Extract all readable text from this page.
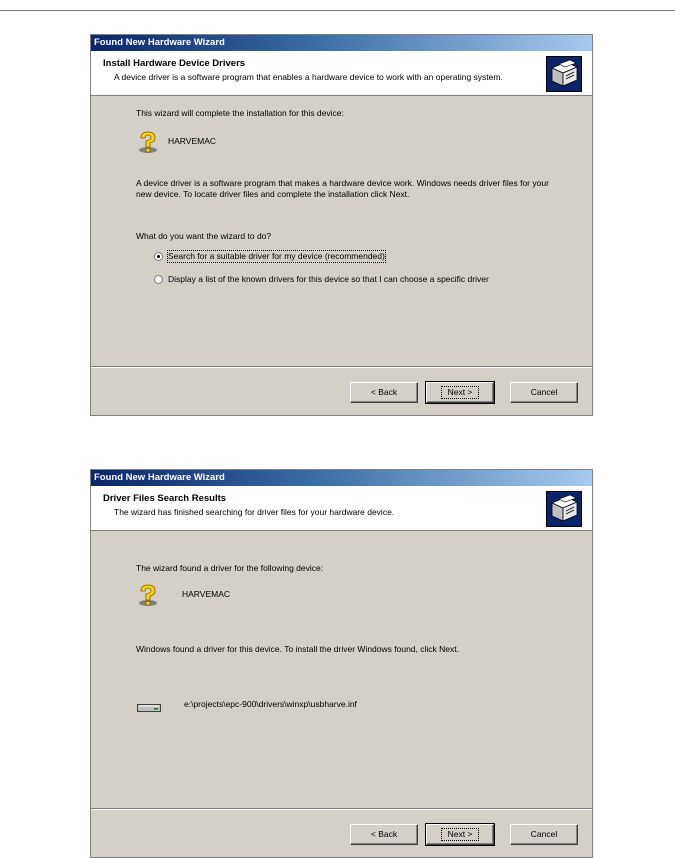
Found New Hardware Wizard
Install Hardware Device Drivers
A device driver is a software program that enables a hardware device to work with an operating system.
This wizard will complete the installation for this device:
HARVEMAC
A device driver is a software program that makes a hardware device work. Windows needs driver files for your new device. To locate driver files and complete the installation click Next.
What do you want the wizard to do?
Search for a suitable driver for my device (recommended)
Display a list of the known drivers for this device so that I can choose a specific driver
< Back	Next >	Cancel
Found New Hardware Wizard
Driver Files Search Results
The wizard has finished searching for driver files for your hardware device.
The wizard found a driver for the following device:
HARVEMAC
Windows found a driver for this device. To install the driver Windows found, click Next.
e:\projects\epc-900\drivers\winxp\usbharve.inf
< Back	Next >	Cancel
